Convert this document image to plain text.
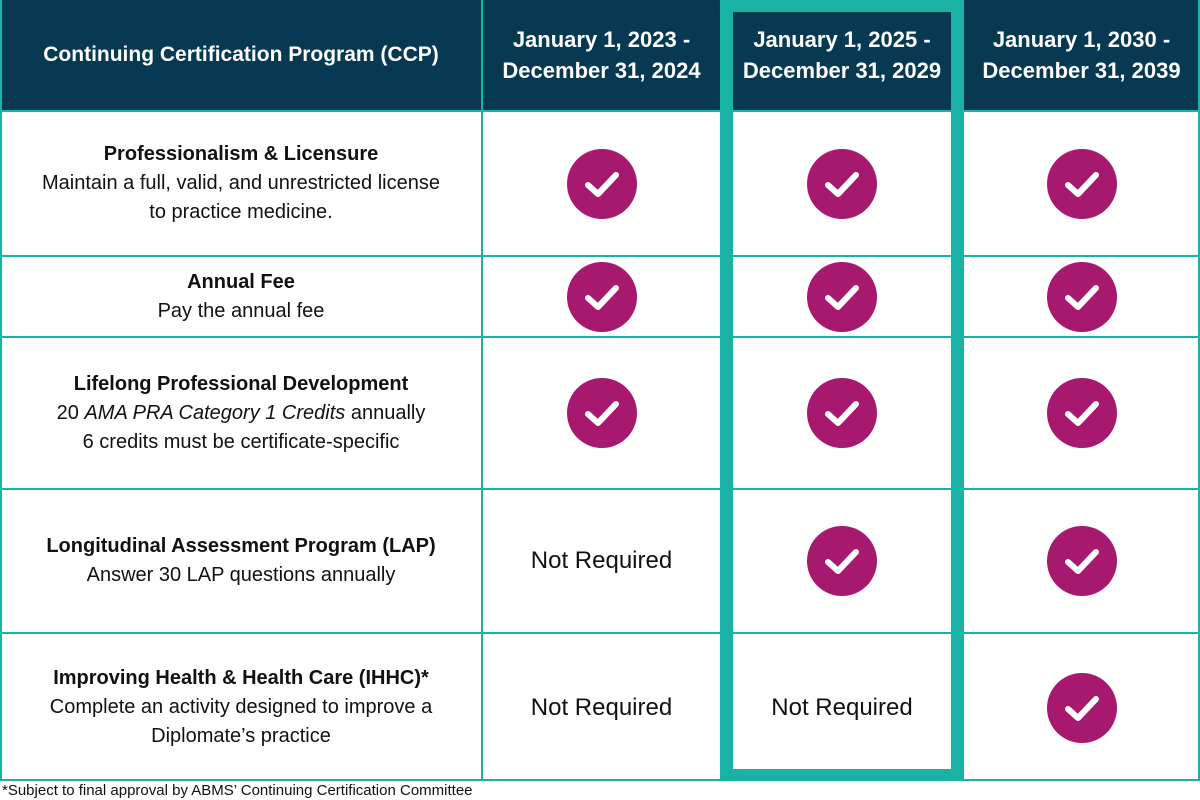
Continuing Certification Program (CCP)
January 1, 2023 -
December 31, 2024
January 1, 2025 -
December 31, 2029
January 1, 2030 -
December 31, 2039
Professionalism & Licensure
Maintain a full, valid, and unrestricted license
to practice medicine.
Annual Fee
Pay the annual fee
Lifelong Professional Development
20 AMA PRA Category 1 Credits annually
6 credits must be certificate-specific
Longitudinal Assessment Program (LAP)
Answer 30 LAP questions annually
Not Required
Improving Health & Health Care (IHHC)*
Complete an activity designed to improve a
Diplomate’s practice
Not Required	Not Required
*Subject to final approval by ABMS’ Continuing Certification Committee
